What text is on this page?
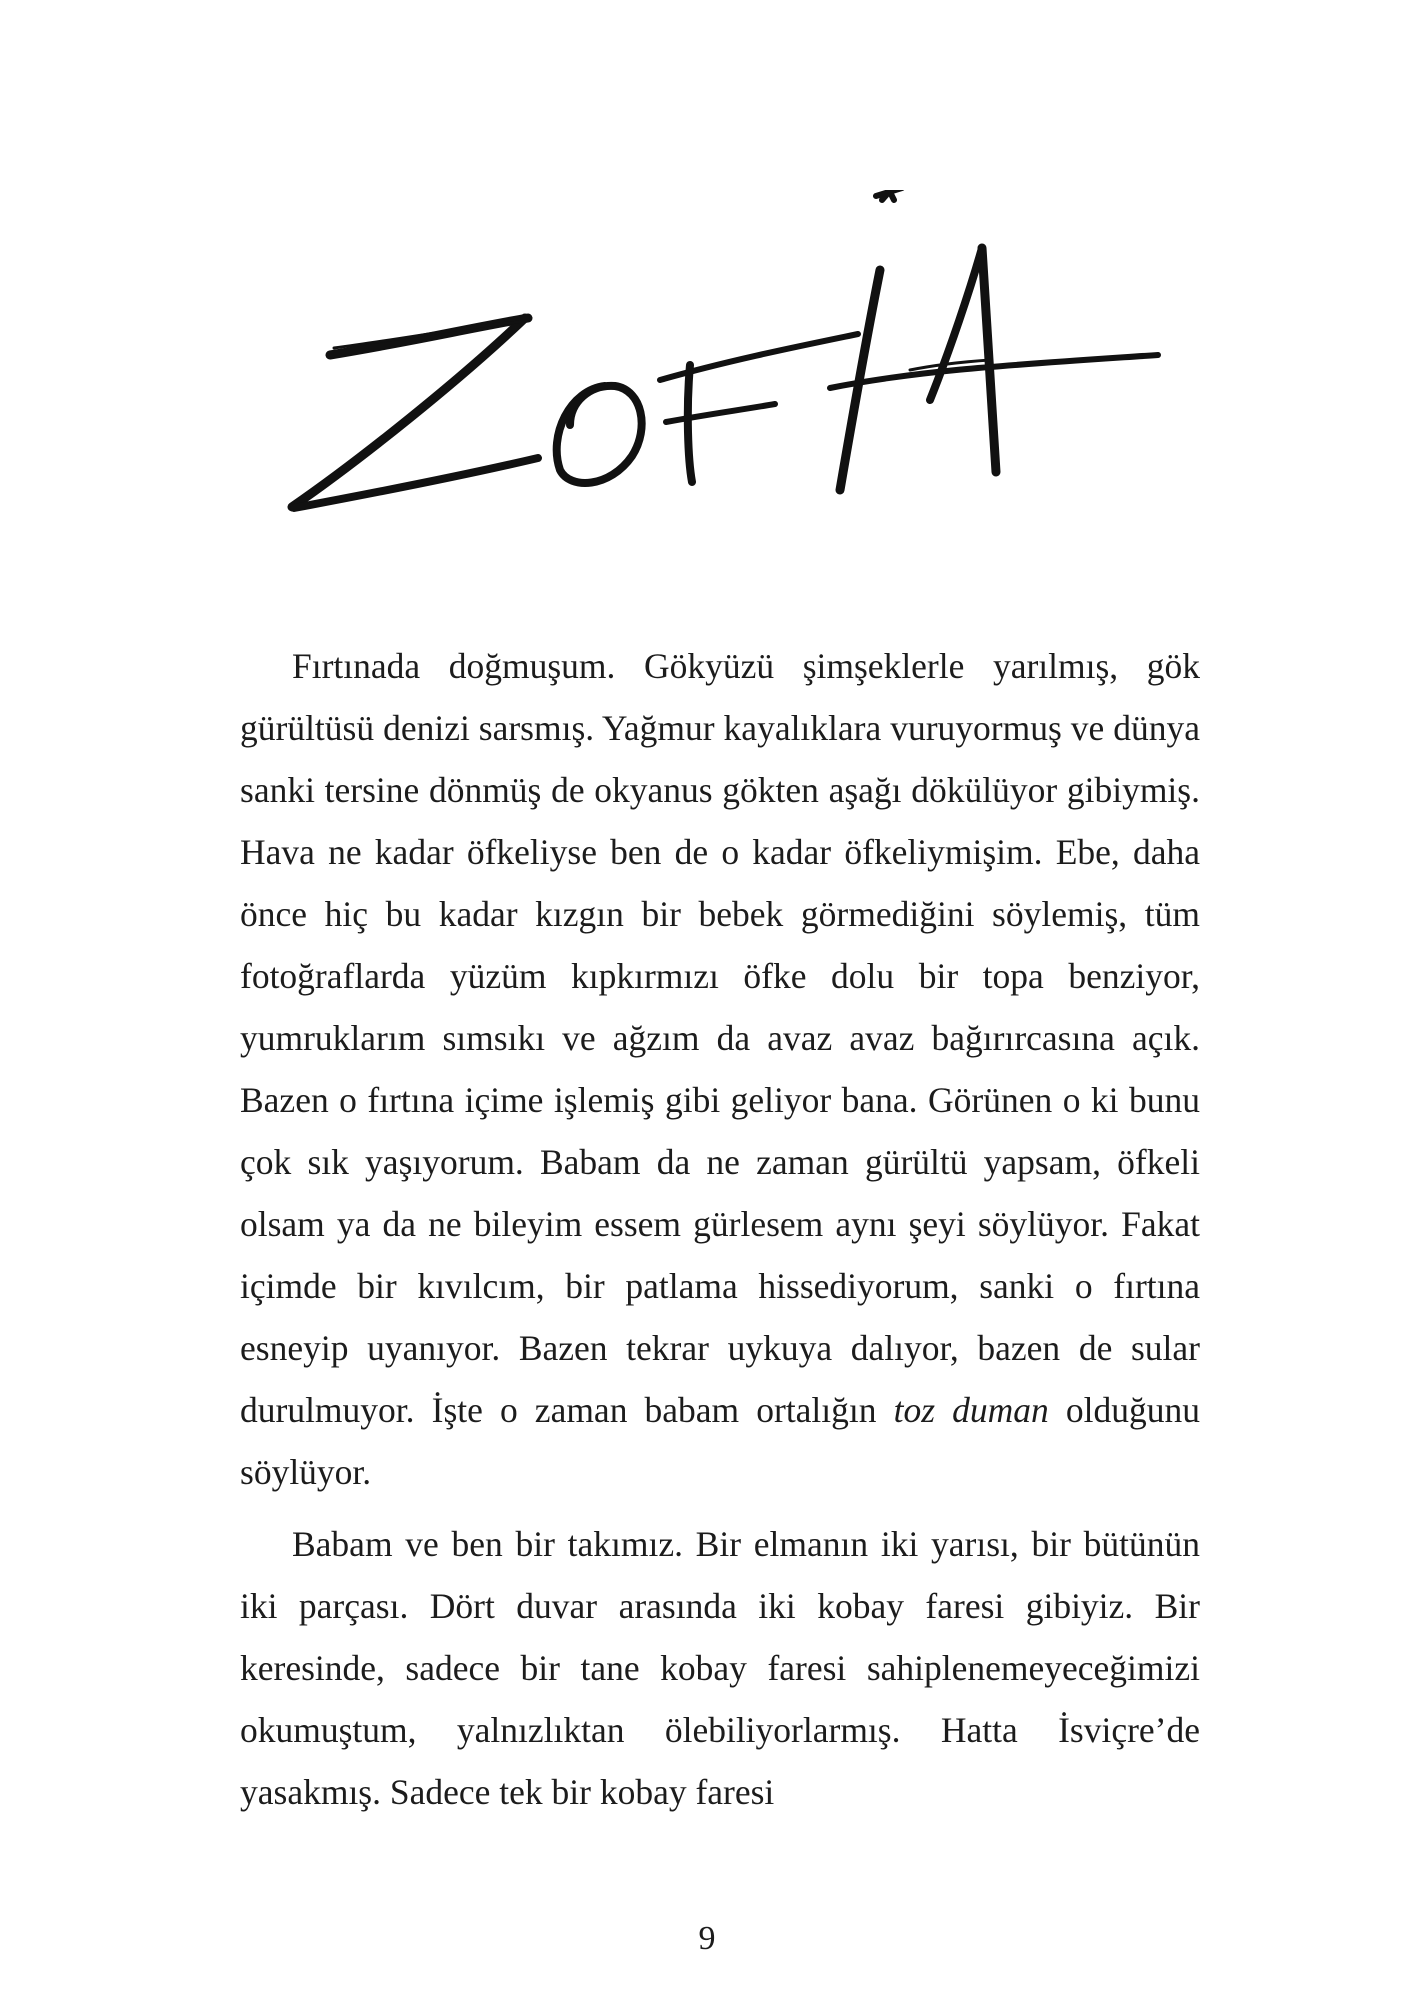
Fırtınada doğmuşum. Gökyüzü şimşeklerle yarılmış, gök gürültüsü denizi sarsmış. Yağmur kayalıklara vuruyormuş ve dünya sanki tersine dönmüş de okyanus gökten aşağı dökülüyor gibiymiş. Hava ne kadar öfkeliyse ben de o kadar öfkeliymişim. Ebe, daha önce hiç bu kadar kızgın bir bebek görmediğini söylemiş, tüm fotoğraflarda yüzüm kıpkırmızı öfke dolu bir topa benziyor, yumruklarım sımsıkı ve ağzım da avaz avaz bağırırcasına açık. Bazen o fırtına içime işlemiş gibi geliyor bana. Görünen o ki bunu çok sık yaşıyorum. Babam da ne zaman gürültü yapsam, öfkeli olsam ya da ne bileyim essem gürlesem aynı şeyi söylüyor. Fakat içimde bir kıvılcım, bir patlama hissediyorum, sanki o fırtına esneyip uyanıyor. Bazen tekrar uykuya dalıyor, bazen de sular durulmuyor. İşte o zaman babam ortalığın toz duman olduğunu söylüyor.

Babam ve ben bir takımız. Bir elmanın iki yarısı, bir bütünün iki parçası. Dört duvar arasında iki kobay faresi gibiyiz. Bir keresinde, sadece bir tane kobay faresi sahiplenemeyeceğimizi okumuştum, yalnızlıktan ölebiliyorlarmış. Hatta İsviçre’de yasakmış. Sadece tek bir kobay faresi

9
